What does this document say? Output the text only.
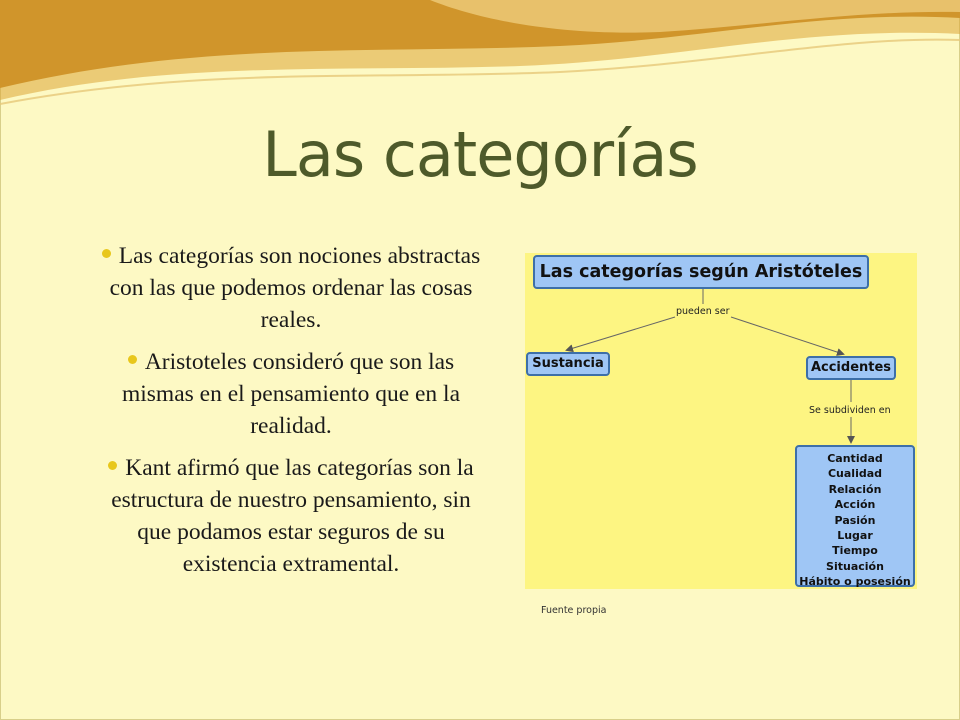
Las categorías
Las categorías son nociones abstractas con las que podemos ordenar las cosas reales.
Aristoteles consideró que son las mismas en el pensamiento que en la realidad.
Kant afirmó que las categorías son la estructura de nuestro pensamiento, sin que podamos estar seguros de su existencia extramental.
Las categorías según Aristóteles
pueden ser
Sustancia	Accidentes
Se subdividen en
Cantidad
Cualidad
Relación
Acción
Pasión
Lugar
Tiempo
Situación
Hábito o posesión
Fuente propia
